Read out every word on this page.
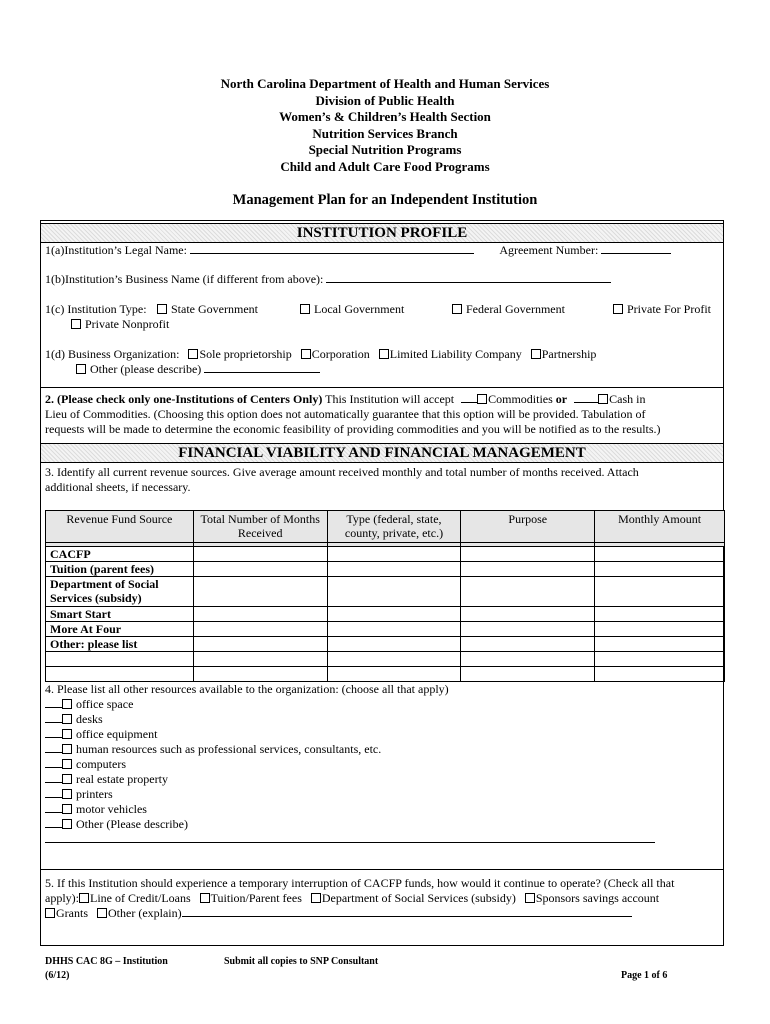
North Carolina Department of Health and Human Services
Division of Public Health
Women’s & Children’s Health Section
Nutrition Services Branch
Special Nutrition Programs
Child and Adult Care Food Programs
Management Plan for an Independent Institution
INSTITUTION PROFILE
1(a)Institution’s Legal Name:	Agreement Number:
1(b)Institution’s Business Name (if different from above):
1(c) Institution Type:	State Government	Local Government	Federal Government	Private For Profit
Private Nonprofit
1(d) Business Organization: Sole proprietorship Corporation Limited Liability Company Partnership
Other (please describe)
2. (Please check only one-Institutions of Centers Only) This Institution will accept	Commodities or	Cash in
Lieu of Commodities. (Choosing this option does not automatically guarantee that this option will be provided. Tabulation of
requests will be made to determine the economic feasibility of providing commodities and you will be notified as to the results.)
FINANCIAL VIABILITY AND FINANCIAL MANAGEMENT
3. Identify all current revenue sources. Give average amount received monthly and total number of months received. Attach
additional sheets, if necessary.
Revenue Fund Source	Total Number of Months Received	Type (federal, state, county, private, etc.)	Purpose	Monthly Amount

CACFP				
Tuition (parent fees)				
Department of Social Services (subsidy)				
Smart Start				
More At Four				
Other: please list				

4. Please list all other resources available to the organization: (choose all that apply)
office space
desks
office equipment
human resources such as professional services, consultants, etc.
computers
real estate property
printers
motor vehicles
Other (Please describe)
5. If this Institution should experience a temporary interruption of CACFP funds, how would it continue to operate? (Check all that
apply): Line of Credit/Loans Tuition/Parent fees Department of Social Services (subsidy) Sponsors savings account
Grants Other (explain)
DHHS CAC 8G – Institution
(6/12)
Submit all copies to SNP Consultant
Page 1 of 6
